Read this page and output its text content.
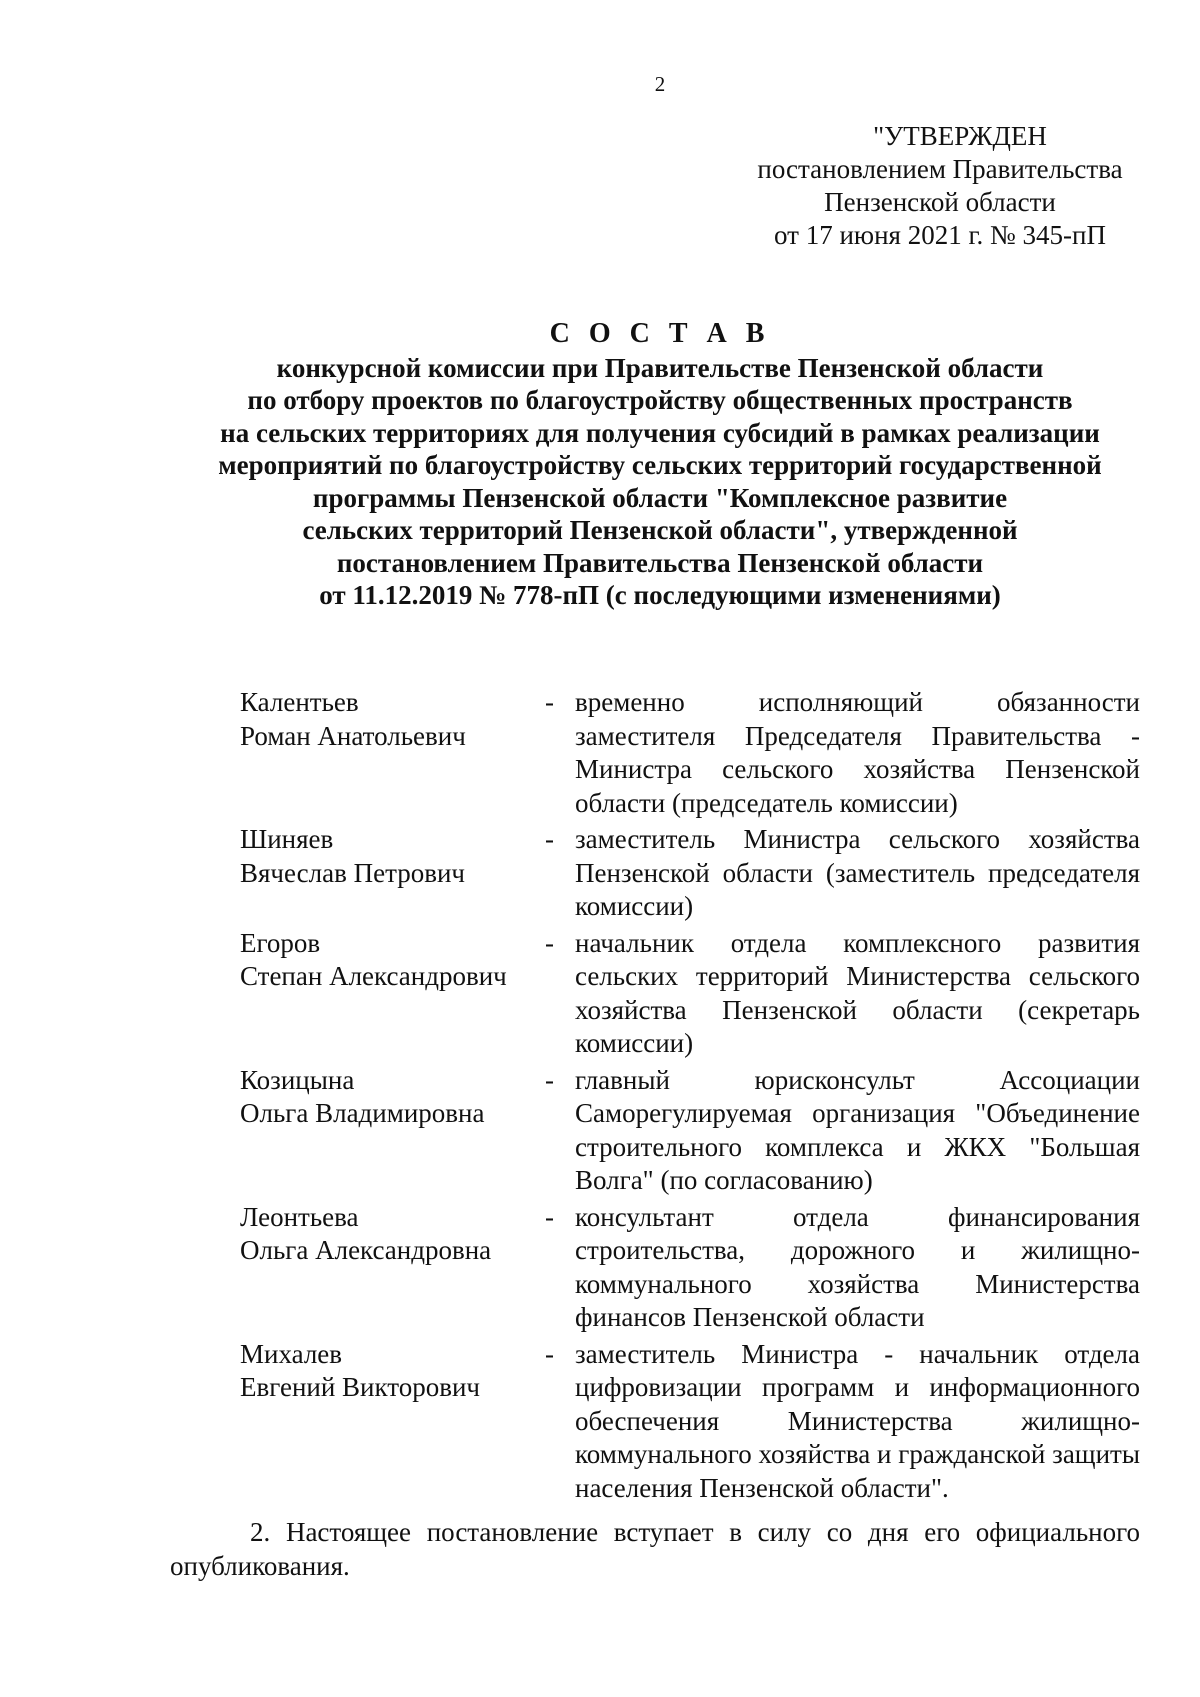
2
"УТВЕРЖДЕН
постановлением Правительства
Пензенской области
от 17 июня 2021 г. № 345-пП
С О С Т А В
конкурсной комиссии при Правительстве Пензенской области
по отбору проектов по благоустройству общественных пространств
на сельских территориях для получения субсидий в рамках реализации
мероприятий по благоустройству сельских территорий государственной
программы Пензенской области "Комплексное развитие
сельских территорий Пензенской области", утвержденной
постановлением Правительства Пензенской области
от 11.12.2019 № 778-пП (с последующими изменениями)
Калентьев
Роман Анатольевич
- временно исполняющий обязанности заместителя Председателя Правительства - Министра сельского хозяйства Пензенской области (председатель комиссии)
Шиняев
Вячеслав Петрович
- заместитель Министра сельского хозяйства Пензенской области (заместитель председателя комиссии)
Егоров
Степан Александрович
- начальник отдела комплексного развития сельских территорий Министерства сельского хозяйства Пензенской области (секретарь комиссии)
Козицына
Ольга Владимировна
- главный юрисконсульт Ассоциации Саморегулируемая организация "Объединение строительного комплекса и ЖКХ "Большая Волга" (по согласованию)
Леонтьева
Ольга Александровна
- консультант отдела финансирования строительства, дорожного и жилищно-коммунального хозяйства Министерства финансов Пензенской области
Михалев
Евгений Викторович
- заместитель Министра - начальник отдела цифровизации программ и информационного обеспечения Министерства жилищно-коммунального хозяйства и гражданской защиты населения Пензенской области".
2. Настоящее постановление вступает в силу со дня его официального опубликования.
